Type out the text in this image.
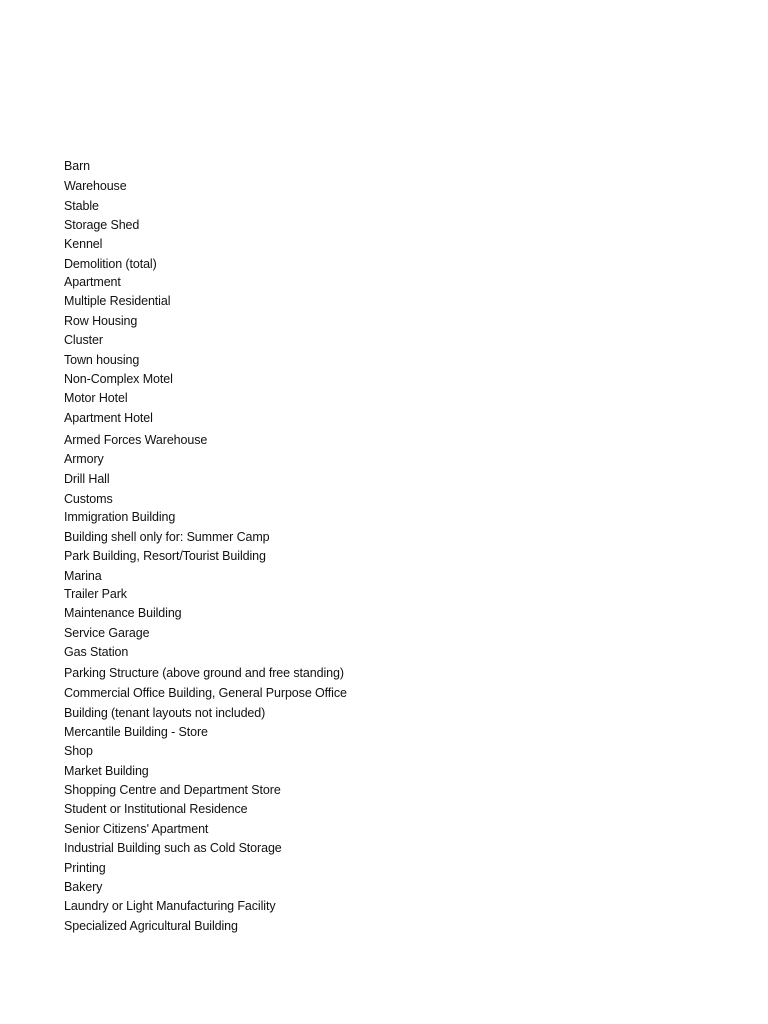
Barn
Warehouse
Stable
Storage Shed
Kennel
Demolition (total)
Apartment
Multiple Residential
Row Housing
Cluster
Town housing
Non-Complex Motel
Motor Hotel
Apartment Hotel
Armed Forces Warehouse
Armory
Drill Hall
Customs
Immigration Building
Building shell only for: Summer Camp
Park Building, Resort/Tourist Building
Marina
Trailer Park
Maintenance Building
Service Garage
Gas Station
Parking Structure (above ground and free standing)
Commercial Office Building, General Purpose Office
Building (tenant layouts not included)
Mercantile Building - Store
Shop
Market Building
Shopping Centre and Department Store
Student or Institutional Residence
Senior Citizens' Apartment
Industrial Building such as Cold Storage
Printing
Bakery
Laundry or Light Manufacturing Facility
Specialized Agricultural Building
